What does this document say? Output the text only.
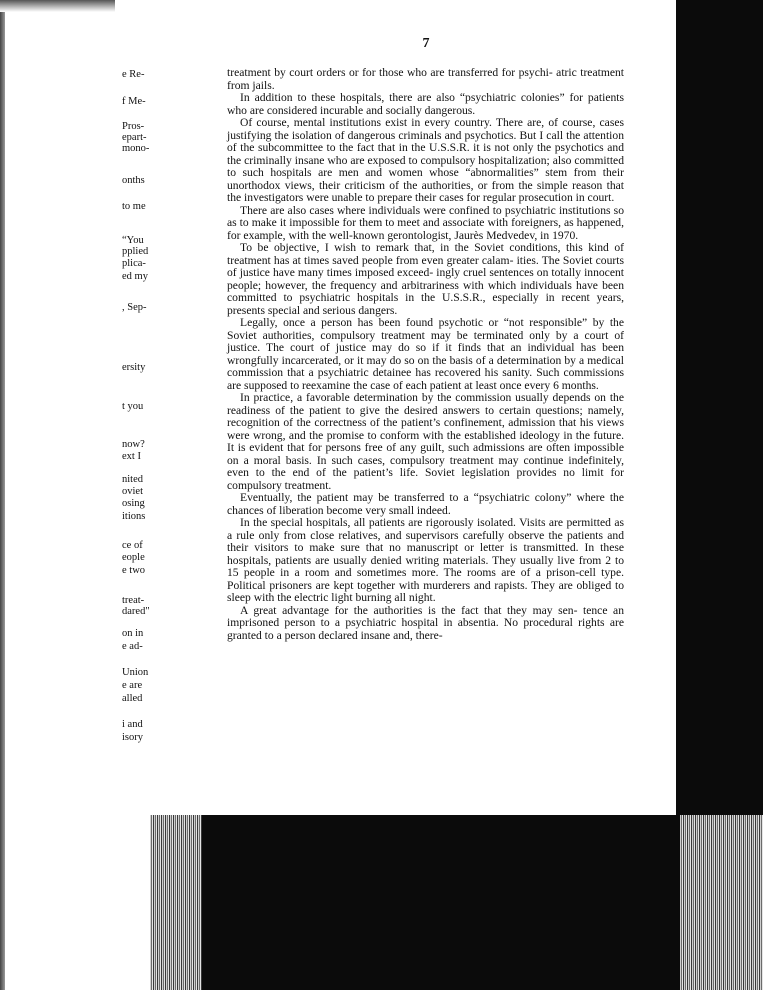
7
e Re-
f Me-
Pros-
epart-
mono-
onths
to me
“You
pplied
plica-
ed my
, Sep-
ersity
t you
now?
ext I
nited
oviet
osing
itions
ce of
eople
e two
treat-
dared"
on in
e ad-
Union
e are
alled
i and
isory

treatment by court orders or for those who are transferred for psychi- atric treatment from jails.

In addition to these hospitals, there are also “psychiatric colonies” for patients who are considered incurable and socially dangerous.

Of course, mental institutions exist in every country. There are, of course, cases justifying the isolation of dangerous criminals and psychotics. But I call the attention of the subcommittee to the fact that in the U.S.S.R. it is not only the psychotics and the criminally insane who are exposed to compulsory hospitalization; also committed to such hospitals are men and women whose “abnormalities” stem from their unorthodox views, their criticism of the authorities, or from the simple reason that the investigators were unable to prepare their cases for regular prosecution in court.

There are also cases where individuals were confined to psychiatric institutions so as to make it impossible for them to meet and associate with foreigners, as happened, for example, with the well-known gerontologist, Jaurès Medvedev, in 1970.

To be objective, I wish to remark that, in the Soviet conditions, this kind of treatment has at times saved people from even greater calam- ities. The Soviet courts of justice have many times imposed exceed- ingly cruel sentences on totally innocent people; however, the frequency and arbitrariness with which individuals have been committed to psychiatric hospitals in the U.S.S.R., especially in recent years, presents special and serious dangers.

Legally, once a person has been found psychotic or “not responsible” by the Soviet authorities, compulsory treatment may be terminated only by a court of justice. The court of justice may do so if it finds that an individual has been wrongfully incarcerated, or it may do so on the basis of a determination by a medical commission that a psychiatric detainee has recovered his sanity. Such commissions are supposed to reexamine the case of each patient at least once every 6 months.

In practice, a favorable determination by the commission usually depends on the readiness of the patient to give the desired answers to certain questions; namely, recognition of the correctness of the patient’s confinement, admission that his views were wrong, and the promise to conform with the established ideology in the future. It is evident that for persons free of any guilt, such admissions are often impossible on a moral basis. In such cases, compulsory treatment may continue indefinitely, even to the end of the patient’s life. Soviet legislation provides no limit for compulsory treatment.

Eventually, the patient may be transferred to a “psychiatric colony” where the chances of liberation become very small indeed.

In the special hospitals, all patients are rigorously isolated. Visits are permitted as a rule only from close relatives, and supervisors carefully observe the patients and their visitors to make sure that no manuscript or letter is transmitted. In these hospitals, patients are usually denied writing materials. They usually live from 2 to 15 people in a room and sometimes more. The rooms are of a prison-cell type. Political prisoners are kept together with murderers and rapists. They are obliged to sleep with the electric light burning all night.

A great advantage for the authorities is the fact that they may sen- tence an imprisoned person to a psychiatric hospital in absentia. No procedural rights are granted to a person declared insane and, there-
